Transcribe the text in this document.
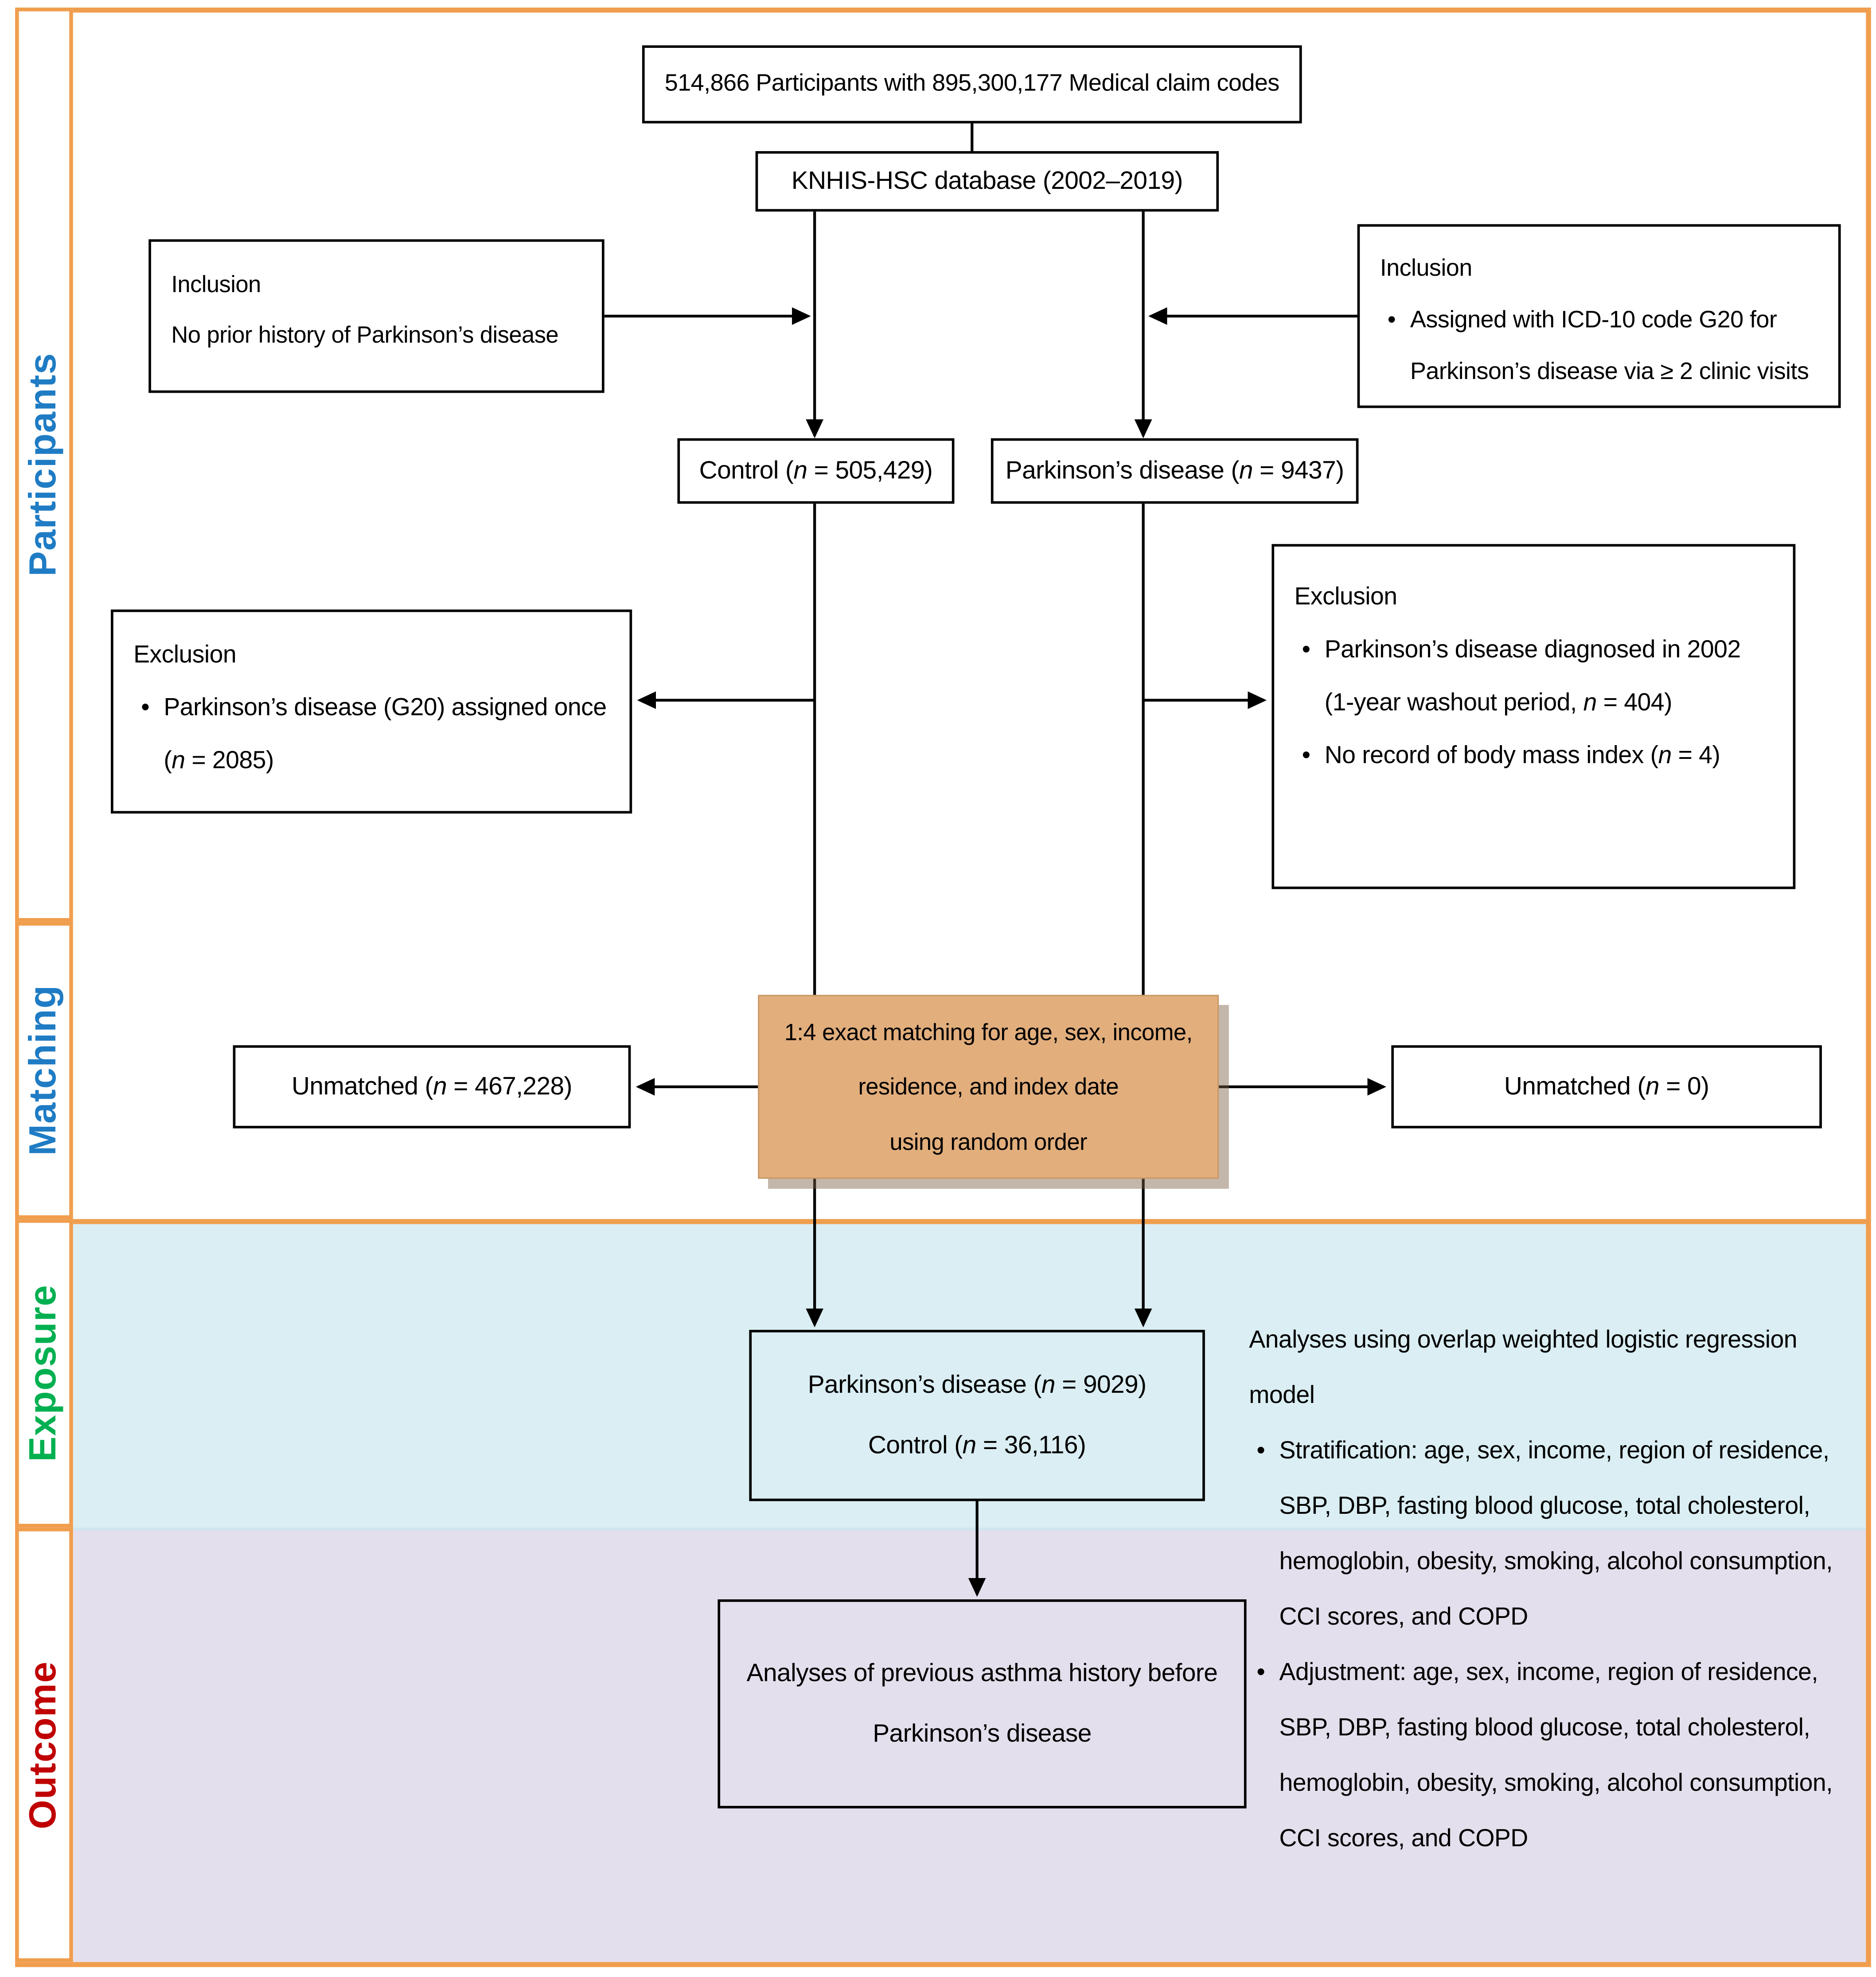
Participants
Matching
Exposure
Outcome
514,866 Participants with 895,300,177 Medical claim codes
KNHIS-HSC database (2002–2019)
Inclusion
No prior history of Parkinson’s disease
Inclusion
• Assigned with ICD-10 code G20 for Parkinson’s disease via ≥ 2 clinic visits
Control (n = 505,429)	Parkinson’s disease (n = 9437)
Exclusion
• Parkinson’s disease (G20) assigned once (n = 2085)
Exclusion
• Parkinson’s disease diagnosed in 2002 (1-year washout period, n = 404)
• No record of body mass index (n = 4)
1:4 exact matching for age, sex, income,
residence, and index date
using random order
Unmatched (n = 467,228)	Unmatched (n = 0)
Parkinson’s disease (n = 9029)
Control (n = 36,116)
Analyses of previous asthma history before
Parkinson’s disease
Analyses using overlap weighted logistic regression model
• Stratification: age, sex, income, region of residence, SBP, DBP, fasting blood glucose, total cholesterol, hemoglobin, obesity, smoking, alcohol consumption, CCI scores, and COPD
• Adjustment: age, sex, income, region of residence, SBP, DBP, fasting blood glucose, total cholesterol, hemoglobin, obesity, smoking, alcohol consumption, CCI scores, and COPD
